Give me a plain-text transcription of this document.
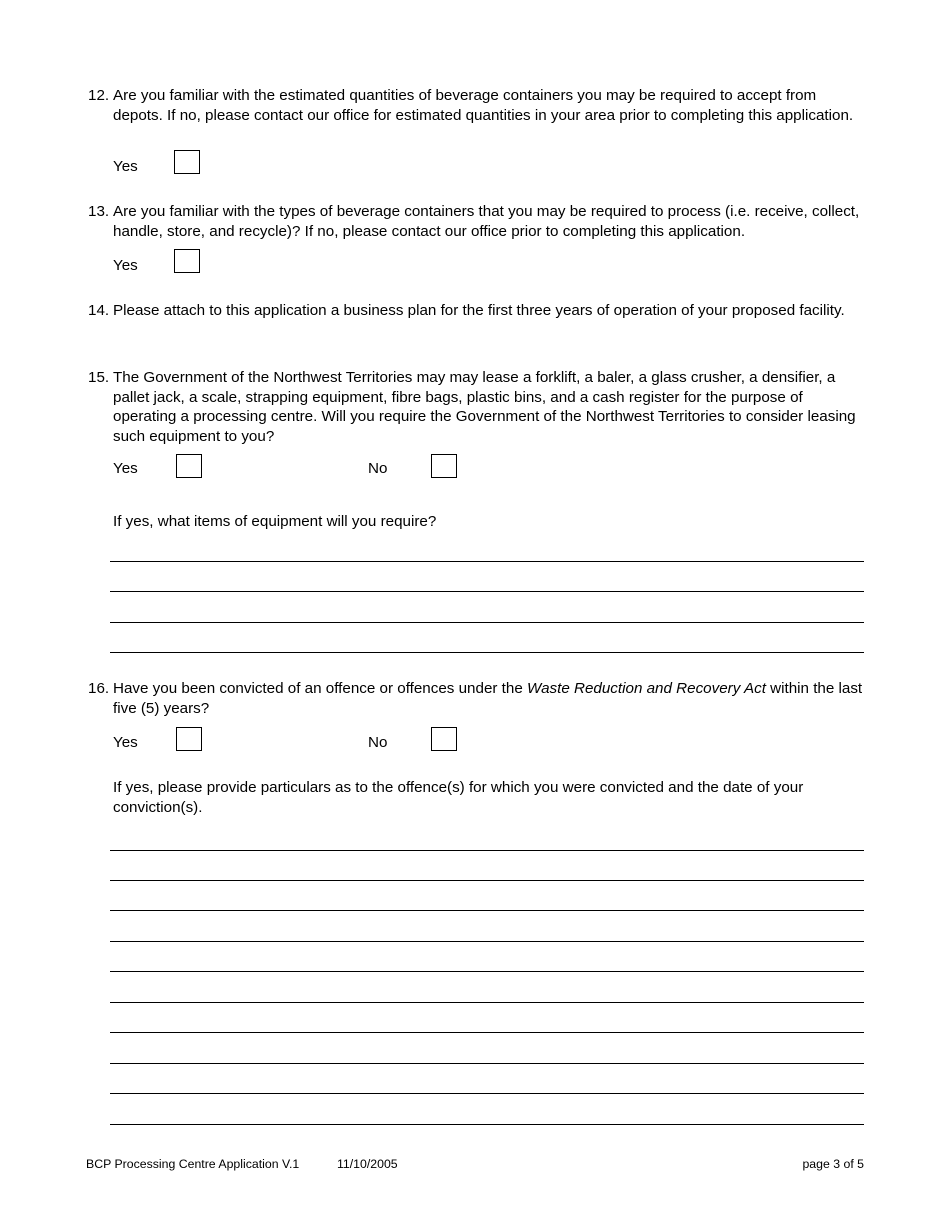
12. Are you familiar with the estimated quantities of beverage containers you may be required to accept from depots. If no, please contact our office for estimated quantities in your area prior to completing this application.
Yes
13. Are you familiar with the types of beverage containers that you may be required to process (i.e. receive, collect, handle, store, and recycle)? If no, please contact our office prior to completing this application.
Yes
14. Please attach to this application a business plan for the first three years of operation of your proposed facility.
15. The Government of the Northwest Territories may may lease a forklift, a baler, a glass crusher, a densifier, a pallet jack, a scale, strapping equipment, fibre bags, plastic bins, and a cash register for the purpose of operating a processing centre. Will you require the Government of the Northwest Territories to consider leasing such equipment to you?
Yes	No
If yes, what items of equipment will you require?
16. Have you been convicted of an offence or offences under the Waste Reduction and Recovery Act within the last five (5) years?
Yes	No
If yes, please provide particulars as to the offence(s) for which you were convicted and the date of your conviction(s).
BCP Processing Centre Application V.1	11/10/2005	page 3 of 5
